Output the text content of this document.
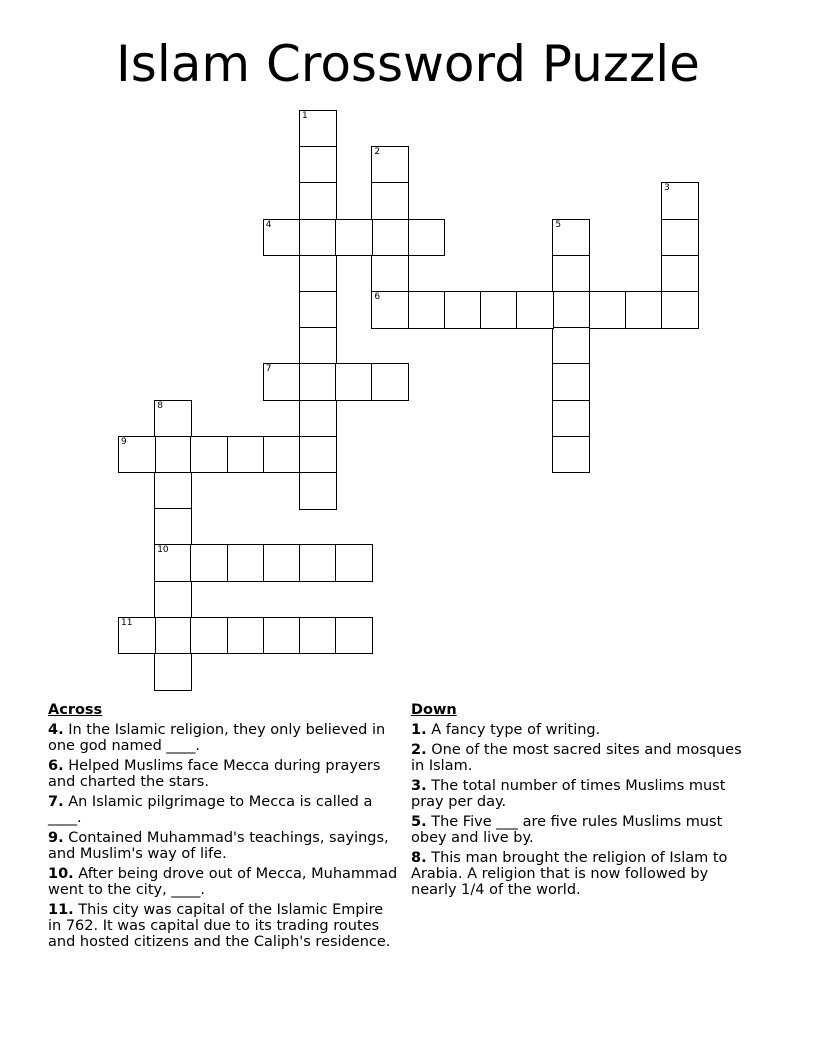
Islam Crossword Puzzle
1
2
3
4	5
6
7
8
10
9
11
Across
4. In the Islamic religion, they only believed in one god named ____.
6. Helped Muslims face Mecca during prayers and charted the stars.
7. An Islamic pilgrimage to Mecca is called a ____.
9. Contained Muhammad's teachings, sayings, and Muslim's way of life.
10. After being drove out of Mecca, Muhammad went to the city, ____.
11. This city was capital of the Islamic Empire in 762. It was capital due to its trading routes and hosted citizens and the Caliph's residence.
Down
1. A fancy type of writing.
2. One of the most sacred sites and mosques in Islam.
3. The total number of times Muslims must pray per day.
5. The Five ___ are five rules Muslims must obey and live by.
8. This man brought the religion of Islam to Arabia. A religion that is now followed by nearly 1/4 of the world.
